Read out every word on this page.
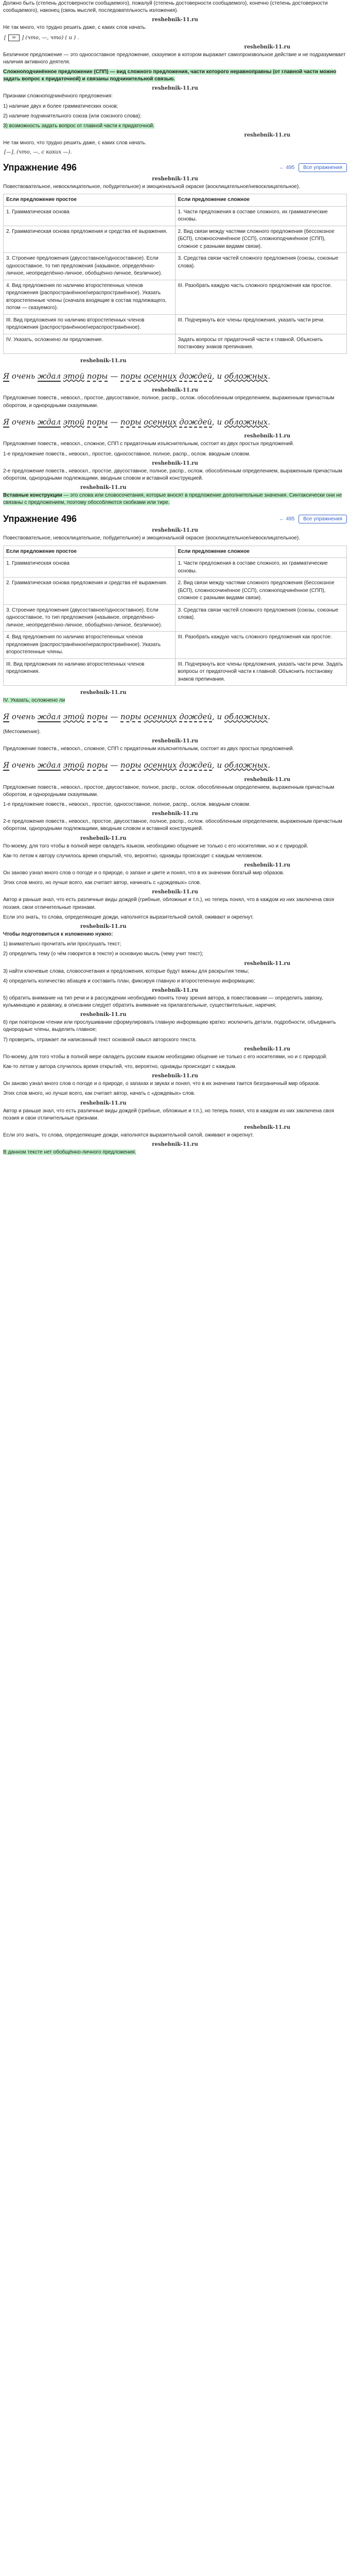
Должно быть (степень достоверности сообщаемого), пожалуй (степень достоверности сообщаемого), конечно (степень достоверности сообщаемого), наконец (связь мыслей, последовательность изложения).

reshebnik-11.ru

Не так много, что трудно решить даже, с каких слов начать.

[ = ] (что, —, что) ( и ) .
reshebnik-11.ru

Безличное предложение — это односоставное предложение, сказуемое в котором выражает самопроизвольное действие и не подразумевает наличия активного деятеля.

Сложноподчинённое предложение (СПП) — вид сложного предложения, части которого неравноправны (от главной части можно задать вопрос к придаточной) и связаны подчинительной связью.

reshebnik-11.ru

Признаки сложноподчинённого предложения:

1) наличие двух и более грамматических основ;

2) наличие подчинительного союза (или союзного слова);

3) возможность задать вопрос от главной части к придаточной.

reshebnik-11.ru

Не так много, что трудно решить даже, с каких слов начать.

[—], (что, —, с каких —).
Упражнение 496	← 495	Все упражнения
reshebnik-11.ru

Повествовательное, невосклицательное, побудительное) и эмоциональной окраске (восклицательное/невосклицательное).

Если предложение простое	Если предложение сложное
1. Грамматическая основа	1. Части предложения в составе сложного, их грамматические основы.
2. Грамматическая основа предложения и средства её выражения.	2. Вид связи между частями сложного предложения (бессоюзное (БСП), сложносочинённое (ССП), сложноподчинённое (СПП), сложное с разными видами связи).
3. Строение предложения (двусоставное/односоставное). Если односоставное, то тип предложения (назывное, определённо-личное, неопределённо-личное, обобщённо-личное, безличное).	3. Средства связи частей сложного предложения (союзы, союзные слова).
4. Вид предложения по наличию второстепенных членов предложения (распространённое/нераспространённое). Указать второстепенные члены (сначала входящие в состав подлежащего, потом — сказуемого).	III. Разобрать каждую часть сложного предложения как простое.
III. Вид предложения по наличию второстепенных членов предложения (распространённое/нераспространённое).	III. Подчеркнуть все члены предложения, указать части речи.
IV. Указать, осложнено ли предложение.	Задать вопросы от придаточной части к главной. Объяснить постановку знаков препинания.
reshebnik-11.ru
Я очень ждал этой поры — поры осенних дождей, и обложных.
reshebnik-11.ru

Предложение повеств., невоскл., простое, двусоставное, полное, распр., ослож. обособленным определением, выраженным причастным оборотом, и однородными сказуемыми.

Я очень ждал этой поры — поры осенних дождей, и обложных.
reshebnik-11.ru

Предложение повеств., невоскл., сложное, СПП с придаточным изъяснительным, состоит из двух простых предложений.

1-е предложение повеств., невоскл., простое, односоставное, полное, распр., ослож. вводным словом.

reshebnik-11.ru

2-е предложение повеств., невоскл., простое, двусоставное, полное, распр., ослож. обособленным определением, выраженным причастным оборотом, однородными подлежащими, вводным словом и вставной конструкцией.

reshebnik-11.ru

Вставные конструкции — это слова или словосочетания, которые вносят в предложение дополнительные значения. Синтаксически они не связаны с предложением, поэтому обособляются скобками или тире.

Упражнение 496	← 495	Все упражнения
reshebnik-11.ru

Повествовательное, невосклицательное, побудительное) и эмоциональной окраске (восклицательное/невосклицательное).

Если предложение простое	Если предложение сложное
1. Грамматическая основа	1. Части предложения в составе сложного, их грамматические основы.
2. Грамматическая основа предложения и средства её выражения.	2. Вид связи между частями сложного предложения (бессоюзное (БСП), сложносочинённое (ССП), сложноподчинённое (СПП), сложное с разными видами связи).
3. Строение предложения (двусоставное/односоставное). Если односоставное, то тип предложения (назывное, определённо-личное, неопределённо-личное, обобщённо-личное, безличное).	3. Средства связи частей сложного предложения (союзы, союзные слова).
4. Вид предложения по наличию второстепенных членов предложения (распространённое/нераспространённое). Указать второстепенные члены.	III. Разобрать каждую часть сложного предложения как простое.
III. Вид предложения по наличию второстепенных членов предложения.	III. Подчеркнуть все члены предложения, указать части речи. Задать вопросы от придаточной части к главной. Объяснить постановку знаков препинания.
reshebnik-11.ru

IV. Указать, осложнено ли

Я очень ждал этой поры — поры осенних дождей, и обложных.

(Местоимение).

reshebnik-11.ru

Предложение повеств., невоскл., сложное, СПП с придаточным изъяснительным, состоит из двух простых предложений.

Я очень ждал этой поры — поры осенних дождей, и обложных.
reshebnik-11.ru

Предложение повеств., невоскл., простое, двусоставное, полное, распр., ослож. обособленным определением, выраженным причастным оборотом, и однородными сказуемыми.

1-е предложение повеств., невоскл., простое, односоставное, полное, распр., ослож. вводным словом.

reshebnik-11.ru

2-е предложение повеств., невоскл., простое, двусоставное, полное, распр., ослож. обособленным определением, выраженным причастным оборотом, однородными подлежащими, вводным словом и вставной конструкцией.

reshebnik-11.ru

По-моему, для того чтобы в полной мере овладеть языком, необходимо общение не только с его носителями, но и с природой.

Как-то летом к автору случилось время открытий, что, вероятно, однажды происходит с каждым человеком.

reshebnik-11.ru

Он заново узнал много слов о погоде и о природе, о запахе и цвете и понял, что в их значении богатый мир образов.

Этих слов много, но лучше всего, как считает автор, начинать с «дождевых» слов.

reshebnik-11.ru

Автор и раньше знал, что есть различные виды дождей (грибные, обложные и т.п.), но теперь понял, что в каждом из них заключена своя поэзия, свои отличительные признаки.

Если это знать, то слова, определяющие дожди, наполнятся выразительной силой, оживают и окрепнут.

reshebnik-11.ru

Чтобы подготовиться к изложению нужно:

1) внимательно прочитать или прослушать текст;

2) определить тему (о чём говорится в тексте) и основную мысль (чему учит текст);

reshebnik-11.ru

3) найти ключевые слова, словосочетания и предложения, которые будут важны для раскрытия темы;

4) определить количество абзацев и составить план, фиксируя главную и второстепенную информацию;

reshebnik-11.ru

5) обратить внимание на тип речи и в рассуждении необходимо понять точку зрения автора, в повествовании — определить завязку, кульминацию и развязку, в описании следует обратить внимание на прилагательные, существительные, наречия;

reshebnik-11.ru

6) при повторном чтении или прослушивании сформулировать главную информацию кратко: исключить детали, подробности, объединить однородные члены, выделить главное;

7) проверить, отражает ли написанный текст основной смысл авторского текста.

reshebnik-11.ru

По-моему, для того чтобы в полной мере овладеть русским языком необходимо общение не только с его носителями, но и с природой.

Как-то летом у автора случилось время открытий, что, вероятно, однажды происходит с каждым.

reshebnik-11.ru

Он заново узнал много слов о погоде и о природе, о запахах и звуках и понял, что в их значении таится безграничный мир образов.

Этих слов много, но лучше всего, как считает автор, начать с «дождевых» слов.

reshebnik-11.ru

Автор и раньше знал, что есть различные виды дождей (грибные, обложные и т.п.), но теперь понял, что в каждом из них заключена своя поэзия и свои отличительные признаки.

reshebnik-11.ru

Если это знать, то слова, определяющие дожди, наполнятся выразительной силой, оживают и окрепнут.

reshebnik-11.ru

В данном тексте нет обобщённо-личного предложения.
